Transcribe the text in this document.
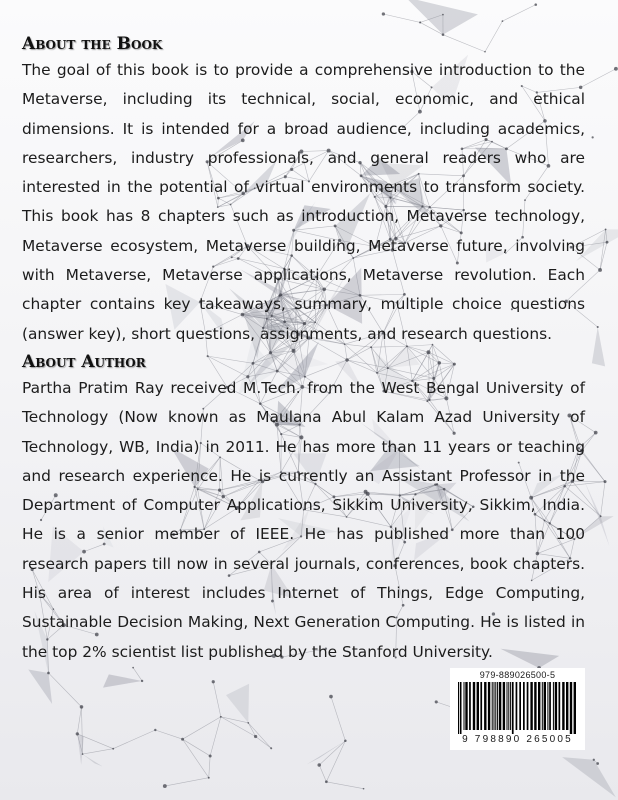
About the Book

The goal of this book is to provide a comprehensive introduction to the Metaverse, including its technical, social, economic, and ethical dimensions. It is intended for a broad audience, including academics, researchers, industry professionals, and general readers who are interested in the potential of virtual environments to transform society. This book has 8 chapters such as introduction, Metaverse technology, Metaverse ecosystem, Metaverse building, Metaverse future, involving with Metaverse, Metaverse applications, Metaverse revolution. Each chapter contains key takeaways, summary, multiple choice questions (answer key), short questions, assignments, and research questions.

About Author

Partha Pratim Ray received M.Tech. from the West Bengal University of Technology (Now known as Maulana Abul Kalam Azad University of Technology, WB, India) in 2011. He has more than 11 years or teaching and research experience. He is currently an Assistant Professor in the Department of Computer Applications, Sikkim University, Sikkim, India. He is a senior member of IEEE. He has published more than 100 research papers till now in several journals, conferences, book chapters. His area of interest includes Internet of Things, Edge Computing, Sustainable Decision Making, Next Generation Computing. He is listed in the top 2% scientist list published by the Stanford University.

979-889026500-5
9 798890 265005
